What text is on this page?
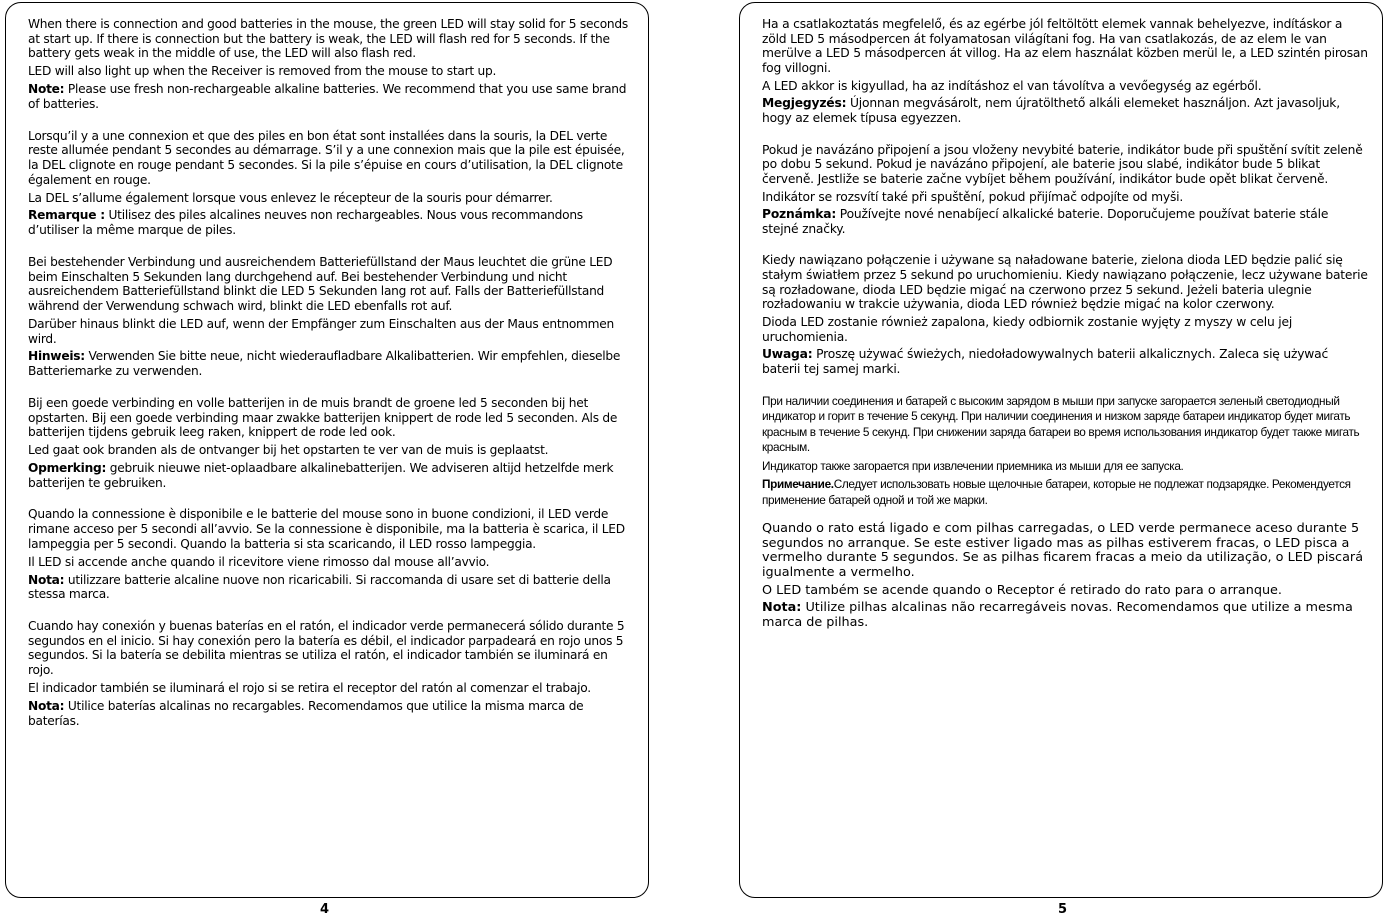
When there is connection and good batteries in the mouse, the green LED will stay solid for 5 seconds at start up. If there is connection but the battery is weak, the LED will flash red for 5 seconds. If the battery gets weak in the middle of use, the LED will also flash red.

LED will also light up when the Receiver is removed from the mouse to start up.

Note: Please use fresh non-rechargeable alkaline batteries. We recommend that you use same brand of batteries.

Lorsqu’il y a une connexion et que des piles en bon état sont installées dans la souris, la DEL verte reste allumée pendant 5 secondes au démarrage. S’il y a une connexion mais que la pile est épuisée, la DEL clignote en rouge pendant 5 secondes. Si la pile s’épuise en cours d’utilisation, la DEL clignote également en rouge.

La DEL s’allume également lorsque vous enlevez le récepteur de la souris pour démarrer.

Remarque : Utilisez des piles alcalines neuves non rechargeables. Nous vous recommandons d’utiliser la même marque de piles.

Bei bestehender Verbindung und ausreichendem Batteriefüllstand der Maus leuchtet die grüne LED beim Einschalten 5 Sekunden lang durchgehend auf. Bei bestehender Verbindung und nicht ausreichendem Batteriefüllstand blinkt die LED 5 Sekunden lang rot auf. Falls der Batteriefüllstand während der Verwendung schwach wird, blinkt die LED ebenfalls rot auf.

Darüber hinaus blinkt die LED auf, wenn der Empfänger zum Einschalten aus der Maus entnommen wird.

Hinweis: Verwenden Sie bitte neue, nicht wiederaufladbare Alkalibatterien. Wir empfehlen, dieselbe Batteriemarke zu verwenden.

Bij een goede verbinding en volle batterijen in de muis brandt de groene led 5 seconden bij het opstarten. Bij een goede verbinding maar zwakke batterijen knippert de rode led 5 seconden. Als de batterijen tijdens gebruik leeg raken, knippert de rode led ook.

Led gaat ook branden als de ontvanger bij het opstarten te ver van de muis is geplaatst.

Opmerking: gebruik nieuwe niet-oplaadbare alkalinebatterijen. We adviseren altijd hetzelfde merk batterijen te gebruiken.

Quando la connessione è disponibile e le batterie del mouse sono in buone condizioni, il LED verde rimane acceso per 5 secondi all’avvio. Se la connessione è disponibile, ma la batteria è scarica, il LED lampeggia per 5 secondi. Quando la batteria si sta scaricando, il LED rosso lampeggia.

Il LED si accende anche quando il ricevitore viene rimosso dal mouse all’avvio.

Nota: utilizzare batterie alcaline nuove non ricaricabili. Si raccomanda di usare set di batterie della stessa marca.

Cuando hay conexión y buenas baterías en el ratón, el indicador verde permanecerá sólido durante 5 segundos en el inicio. Si hay conexión pero la batería es débil, el indicador parpadeará en rojo unos 5 segundos. Si la batería se debilita mientras se utiliza el ratón, el indicador también se iluminará en rojo.

El indicador también se iluminará el rojo si se retira el receptor del ratón al comenzar el trabajo.

Nota: Utilice baterías alcalinas no recargables. Recomendamos que utilice la misma marca de baterías.

Ha a csatlakoztatás megfelelő, és az egérbe jól feltöltött elemek vannak behelyezve, indításkor a zöld LED 5 másodpercen át folyamatosan világítani fog. Ha van csatlakozás, de az elem le van merülve a LED 5 másodpercen át villog. Ha az elem használat közben merül le, a LED szintén pirosan fog villogni.

A LED akkor is kigyullad, ha az indításhoz el van távolítva a vevőegység az egérből.

Megjegyzés: Újonnan megvásárolt, nem újratölthető alkáli elemeket használjon. Azt javasoljuk, hogy az elemek típusa egyezzen.

Pokud je navázáno připojení a jsou vloženy nevybité baterie, indikátor bude při spuštění svítit zeleně po dobu 5 sekund. Pokud je navázáno připojení, ale baterie jsou slabé, indikátor bude 5 blikat červeně. Jestliže se baterie začne vybíjet během používání, indikátor bude opět blikat červeně.

Indikátor se rozsvítí také při spuštění, pokud přijímač odpojíte od myši.

Poznámka: Používejte nové nenabíjecí alkalické baterie. Doporučujeme používat baterie stále stejné značky.

Kiedy nawiązano połączenie i używane są naładowane baterie, zielona dioda LED będzie palić się stałym światłem przez 5 sekund po uruchomieniu. Kiedy nawiązano połączenie, lecz używane baterie są rozładowane, dioda LED będzie migać na czerwono przez 5 sekund. Jeżeli bateria ulegnie rozładowaniu w trakcie używania, dioda LED również będzie migać na kolor czerwony.

Dioda LED zostanie również zapalona, kiedy odbiornik zostanie wyjęty z myszy w celu jej uruchomienia.

Uwaga: Proszę używać świeżych, niedoładowywalnych baterii alkalicznych. Zaleca się używać baterii tej samej marki.

При наличии соединения и батарей с высоким зарядом в мыши при запуске загорается зеленый светодиодный индикатор и горит в течение 5 секунд. При наличии соединения и низком заряде батареи индикатор будет мигать красным в течение 5 секунд. При снижении заряда батареи во время использования индикатор будет также мигать красным.

Индикатор также загорается при извлечении приемника из мыши для ее запуска.

Примечание.Следует использовать новые щелочные батареи, которые не подлежат подзарядке. Рекомендуется применение батарей одной и той же марки.

Quando o rato está ligado e com pilhas carregadas, o LED verde permanece aceso durante 5 segundos no arranque. Se este estiver ligado mas as pilhas estiverem fracas, o LED pisca a vermelho durante 5 segundos. Se as pilhas ficarem fracas a meio da utilização, o LED piscará igualmente a vermelho.

O LED também se acende quando o Receptor é retirado do rato para o arranque.

Nota: Utilize pilhas alcalinas não recarregáveis novas. Recomendamos que utilize a mesma marca de pilhas.

4	5
